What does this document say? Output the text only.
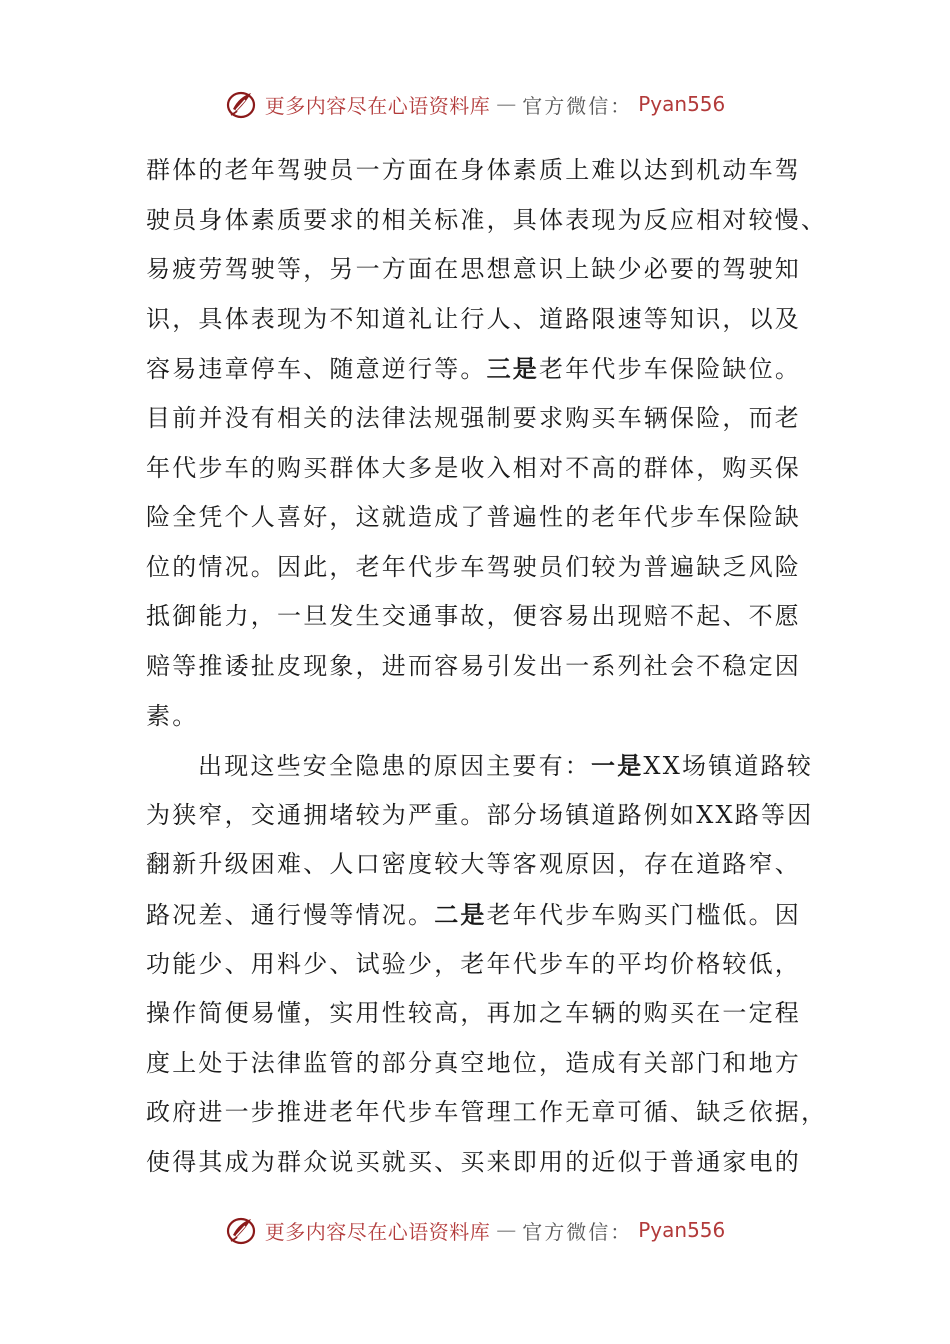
更多内容尽在心语资料库 — 官方微信： Pyan556
群体的老年驾驶员一方面在身体素质上难以达到机动车驾
驶员身体素质要求的相关标准，具体表现为反应相对较慢、
易疲劳驾驶等，另一方面在思想意识上缺少必要的驾驶知
识，具体表现为不知道礼让行人、道路限速等知识，以及
容易违章停车、随意逆行等。三是老年代步车保险缺位。
目前并没有相关的法律法规强制要求购买车辆保险，而老
年代步车的购买群体大多是收入相对不高的群体，购买保
险全凭个人喜好，这就造成了普遍性的老年代步车保险缺
位的情况。因此，老年代步车驾驶员们较为普遍缺乏风险
抵御能力，一旦发生交通事故，便容易出现赔不起、不愿
赔等推诿扯皮现象，进而容易引发出一系列社会不稳定因
素。
出现这些安全隐患的原因主要有：一是XX场镇道路较
为狭窄，交通拥堵较为严重。部分场镇道路例如XX路等因
翻新升级困难、人口密度较大等客观原因，存在道路窄、
路况差、通行慢等情况。二是老年代步车购买门槛低。因
功能少、用料少、试验少，老年代步车的平均价格较低，
操作简便易懂，实用性较高，再加之车辆的购买在一定程
度上处于法律监管的部分真空地位，造成有关部门和地方
政府进一步推进老年代步车管理工作无章可循、缺乏依据，
使得其成为群众说买就买、买来即用的近似于普通家电的
更多内容尽在心语资料库 — 官方微信： Pyan556
